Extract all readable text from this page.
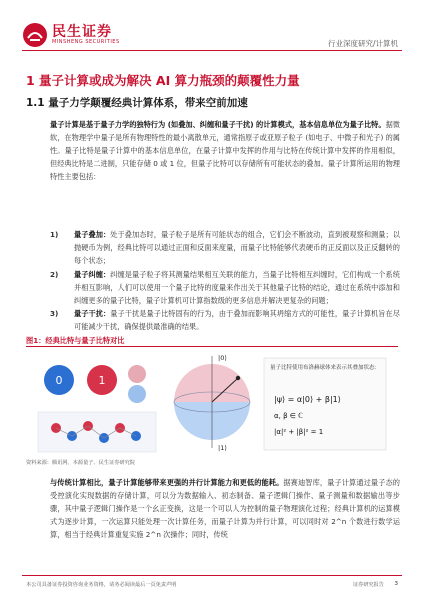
民生证券
MINSHENG SECURITIES	行业深度研究/计算机
1 量子计算或成为解决 AI 算力瓶颈的颠覆性力量
1.1 量子力学颠覆经典计算体系，带来空前加速
量子计算是基于量子力学的独特行为 (如叠加、纠缠和量子干扰) 的计算模式，基本信息单位为量子比特。据微软，在物理学中量子是所有物理特性的最小离散单元，通常指原子或亚原子粒子 (如电子、中微子和光子) 的属性。量子比特是量子计算中的基本信息单位，在量子计算中发挥的作用与比特在传统计算中发挥的作用相似，但经典比特是二进制，只能存储 0 或 1 位，但量子比特可以存储所有可能状态的叠加。量子计算所运用的物理特性主要包括：
1) 量子叠加：处于叠加态时，量子粒子是所有可能状态的组合，它们会不断波动，直到被观察和测量；以抛硬币为例，经典比特可以通过正面和反面来度量，而量子比特能够代表硬币的正反面以及正反翻转的每个状态；
2) 量子纠缠：纠缠是量子粒子将其测量结果相互关联的能力，当量子比特相互纠缠时，它们构成一个系统并相互影响，人们可以使用一个量子比特的度量来作出关于其他量子比特的结论，通过在系统中添加和纠缠更多的量子比特，量子计算机可计算指数级的更多信息并解决更复杂的问题；
3) 量子干扰：量子干扰是量子比特固有的行为，由于叠加而影响其坍缩方式的可能性，量子计算机旨在尽可能减少干扰，确保提供最准确的结果。
图1：经典比特与量子比特对比
0	1
|0⟩
|1⟩
量子比特使用布洛赫球体来表示其叠加状态：
|ψ⟩ = α|0⟩ + β|1⟩
α, β ∈ ℂ
|α|² + |β|² = 1
资料来源：腾讯网、本源量子、民生证券研究院
与传统计算相比，量子计算能够带来更强的并行计算能力和更低的能耗。据赛迪智库，量子计算通过量子态的受控演化实现数据的存储计算，可以分为数据输入、初态制备、量子逻辑门操作、量子测量和数据输出等步骤，其中量子逻辑门操作是一个幺正变换，这是一个可以人为控制的量子物理演化过程；经典计算机的运算模式为逐步计算，一次运算只能处理一次计算任务，而量子计算为并行计算，可以同时对 2^n 个数进行数学运算，相当于经典计算重复实施 2^n 次操作；同时，传统
本公司具备证券投资咨询业务资格，请务必阅读最后一页免责声明	证券研究报告 3
